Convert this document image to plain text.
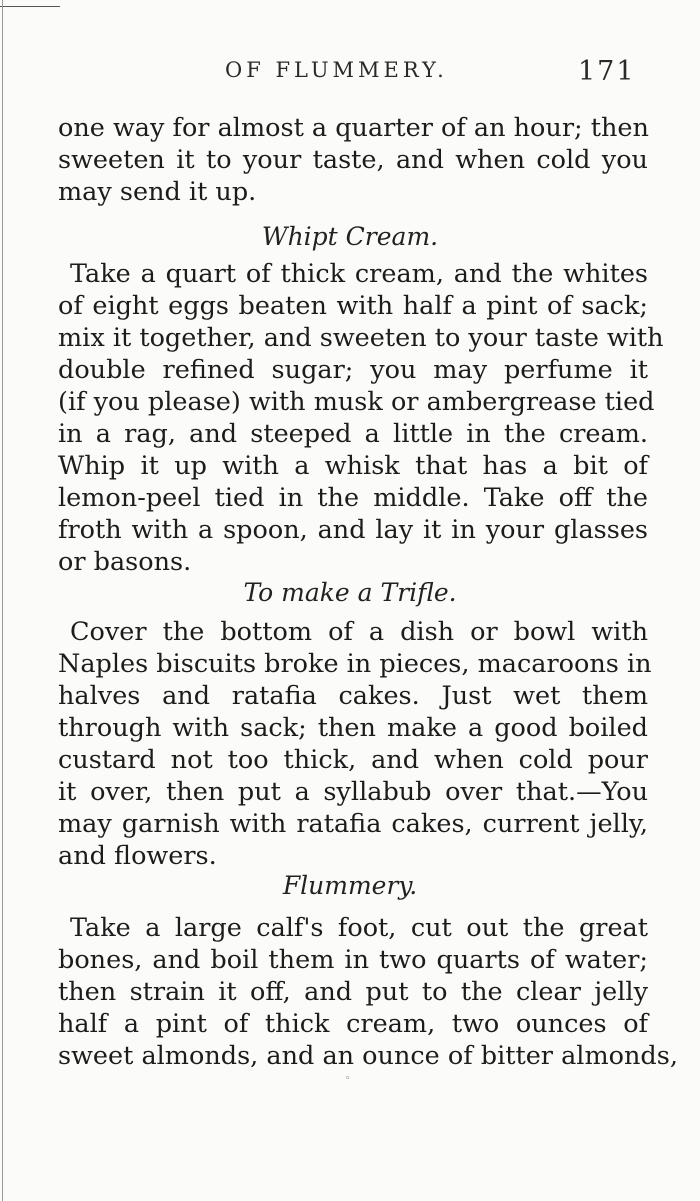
OF FLUMMERY.	171
one way for almost a quarter of an hour; then
sweeten it to your taste, and when cold you
may send it up.
Whipt Cream.
Take a quart of thick cream, and the whites
of eight eggs beaten with half a pint of sack;
mix it together, and sweeten to your taste with
double refined sugar; you may perfume it
(if you please) with musk or ambergrease tied
in a rag, and steeped a little in the cream.
Whip it up with a whisk that has a bit of
lemon-peel tied in the middle. Take off the
froth with a spoon, and lay it in your glasses
or basons.
To make a Trifle.
Cover the bottom of a dish or bowl with
Naples biscuits broke in pieces, macaroons in
halves and ratafia cakes. Just wet them
through with sack; then make a good boiled
custard not too thick, and when cold pour
it over, then put a syllabub over that.—You
may garnish with ratafia cakes, current jelly,
and flowers.
Flummery.
Take a large calf's foot, cut out the great
bones, and boil them in two quarts of water;
then strain it off, and put to the clear jelly
half a pint of thick cream, two ounces of
sweet almonds, and an ounce of bitter almonds,
◦
